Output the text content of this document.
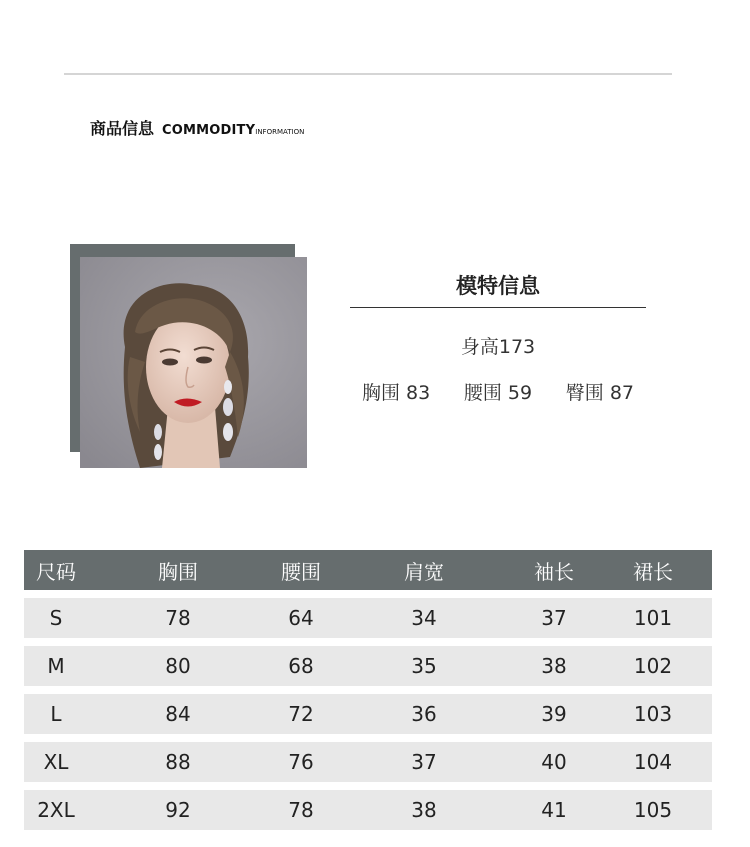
商品信息 COMMODITYINFORMATION
模特信息
身高173
胸围 83 腰围 59 臀围 87
尺码	胸围	腰围	肩宽	袖长	裙长
S	78	64	34	37	101
M	80	68	35	38	102
L	84	72	36	39	103
XL	88	76	37	40	104
2XL	92	78	38	41	105
